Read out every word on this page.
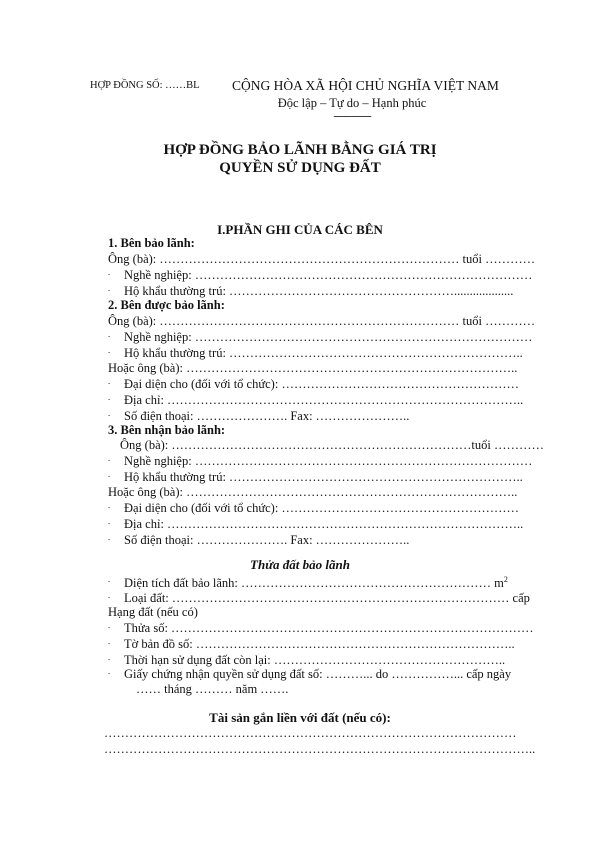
HỢP ĐỒNG SỐ: ……BL CỘNG HÒA XÃ HỘI CHỦ NGHĨA VIỆT NAM
Độc lập – Tự do – Hạnh phúc
--------------
HỢP ĐỒNG BẢO LÃNH BẰNG GIÁ TRỊ
QUYỀN SỬ DỤNG ĐẤT
I.PHẦN GHI CỦA CÁC BÊN
1. Bên bảo lãnh:
Ông (bà): ……………………………………………………………… tuổi …………
- Nghề nghiệp: ………………………………………………………………………
- Hộ khẩu thường trú: ………………………………………………...................
2. Bên được bảo lãnh:
Ông (bà): ……………………………………………………………… tuổi …………
- Nghề nghiệp: ………………………………………………………………………
- Hộ khẩu thường trú: ……………………………………………………………..
Hoặc ông (bà): ……………………………………………………………………..
- Đại diện cho (đối với tổ chức): …………………………………………………
- Địa chỉ: …………………………………………………………………………..
- Số điện thoại: …………………. Fax: …………………..
3. Bên nhận bảo lãnh:
Ông (bà): ………………………………………………………………tuổi …………
- Nghề nghiệp: ………………………………………………………………………
- Hộ khẩu thường trú: ……………………………………………………………..
Hoặc ông (bà): ……………………………………………………………………..
- Đại diện cho (đối với tổ chức): …………………………………………………
- Địa chỉ: …………………………………………………………………………..
- Số điện thoại: …………………. Fax: …………………..
Thửa đất bảo lãnh
- Diện tích đất bảo lãnh: …………………………………………………… $m^2$
- Loại đất: ……………………………………………………………………… cấp
Hạng đất (nếu có)
- Thửa số: ……………………………………………………………………………
- Tờ bản đồ số: …………………………………………………………………..
- Thời hạn sử dụng đất còn lại: ………………………………………………..
- Giấy chứng nhận quyền sử dụng đất số: ………... do ……………... cấp ngày
…… tháng ……… năm …….
Tài sản gắn liền với đất (nếu có):
………………………………………………………………………………………
…………………………………………………………………………………………..
